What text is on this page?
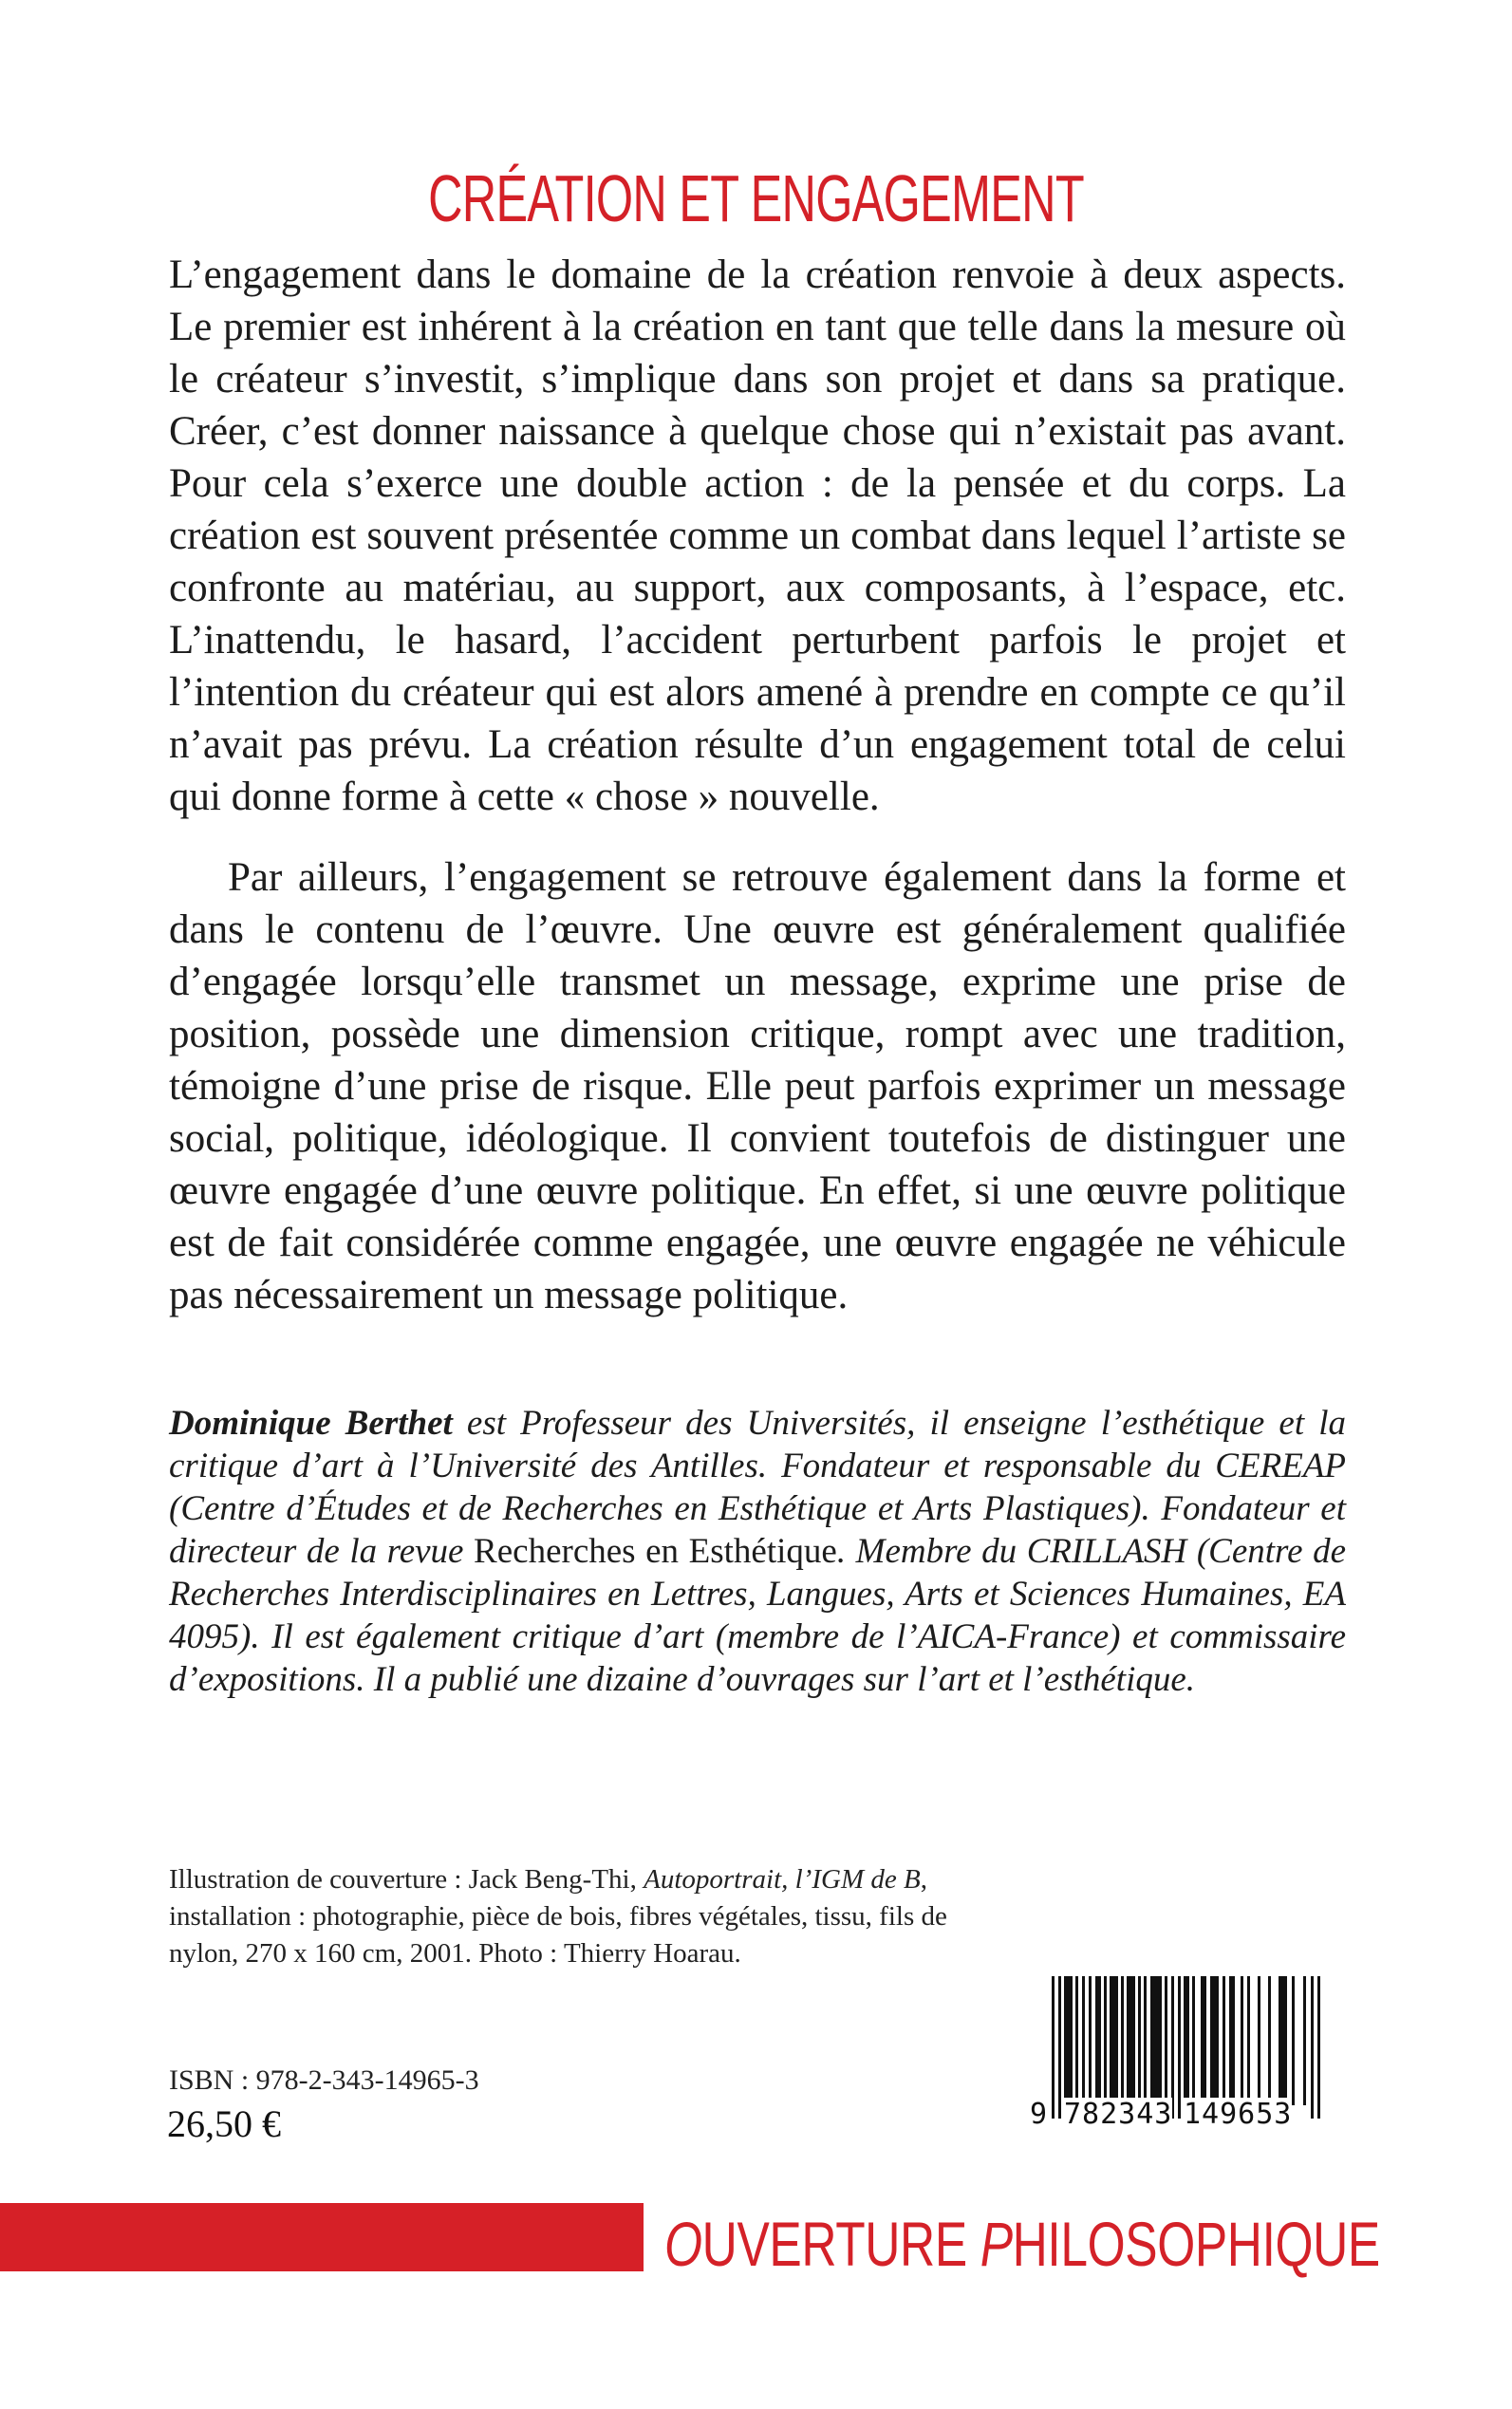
CRÉATION ET ENGAGEMENT

L’engagement dans le domaine de la création renvoie à deux aspects. Le premier est inhérent à la création en tant que telle dans la mesure où le créateur s’investit, s’implique dans son projet et dans sa pratique. Créer, c’est donner naissance à quelque chose qui n’existait pas avant. Pour cela s’exerce une double action : de la pensée et du corps. La création est souvent présentée comme un combat dans lequel l’artiste se confronte au matériau, au support, aux composants, à l’espace, etc. L’inattendu, le hasard, l’accident perturbent parfois le projet et l’intention du créateur qui est alors amené à prendre en compte ce qu’il n’avait pas prévu. La création résulte d’un engagement total de celui qui donne forme à cette « chose » nouvelle.

Par ailleurs, l’engagement se retrouve également dans la forme et dans le contenu de l’œuvre. Une œuvre est généralement qualifiée d’engagée lorsqu’elle transmet un message, exprime une prise de position, possède une dimension critique, rompt avec une tradition, témoigne d’une prise de risque. Elle peut parfois exprimer un message social, politique, idéologique. Il convient toutefois de distinguer une œuvre engagée d’une œuvre politique. En effet, si une œuvre politique est de fait considérée comme engagée, une œuvre engagée ne véhicule pas nécessairement un message politique.

Dominique Berthet est Professeur des Universités, il enseigne l’esthétique et la critique d’art à l’Université des Antilles. Fondateur et responsable du CEREAP (Centre d’Études et de Recherches en Esthétique et Arts Plastiques). Fondateur et directeur de la revue Recherches en Esthétique. Membre du CRILLASH (Centre de Recherches Interdisciplinaires en Lettres, Langues, Arts et Sciences Humaines, EA 4095). Il est également critique d’art (membre de l’AICA-France) et commissaire d’expositions. Il a publié une dizaine d’ouvrages sur l’art et l’esthétique.

Illustration de couverture : Jack Beng-Thi, Autoportrait, l’IGM de B, installation : photographie, pièce de bois, fibres végétales, tissu, fils de nylon, 270 x 160 cm, 2001. Photo : Thierry Hoarau.
ISBN : 978-2-343-14965-3
26,50 €	9 782343 149653
OUVERTURE PHILOSOPHIQUE
